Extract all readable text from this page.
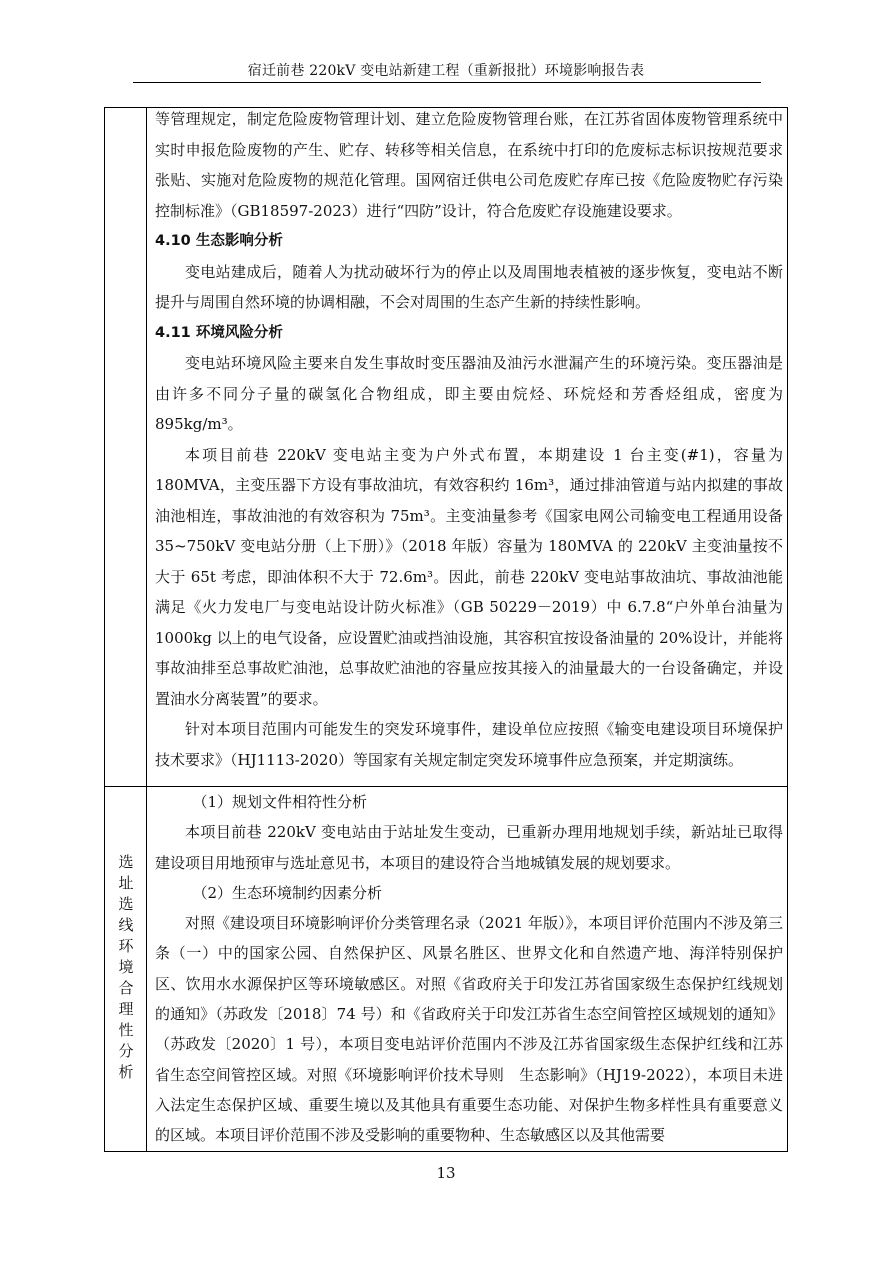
宿迁前巷 220kV 变电站新建工程（重新报批）环境影响报告表

等管理规定，制定危险废物管理计划、建立危险废物管理台账，在江苏省固体废物管理系统中实时申报危险废物的产生、贮存、转移等相关信息，在系统中打印的危废标志标识按规范要求张贴、实施对危险废物的规范化管理。国网宿迁供电公司危废贮存库已按《危险废物贮存污染控制标准》（GB18597-2023）进行“四防”设计，符合危废贮存设施建设要求。

4.10 生态影响分析

变电站建成后，随着人为扰动破坏行为的停止以及周围地表植被的逐步恢复，变电站不断提升与周围自然环境的协调相融，不会对周围的生态产生新的持续性影响。

4.11 环境风险分析

变电站环境风险主要来自发生事故时变压器油及油污水泄漏产生的环境污染。变压器油是由许多不同分子量的碳氢化合物组成，即主要由烷烃、环烷烃和芳香烃组成，密度为895kg/m³。

本项目前巷 220kV 变电站主变为户外式布置，本期建设 1 台主变(#1)，容量为 180MVA，主变压器下方设有事故油坑，有效容积约 16m³，通过排油管道与站内拟建的事故油池相连，事故油池的有效容积为 75m³。主变油量参考《国家电网公司输变电工程通用设备 35~750kV 变电站分册（上下册）》（2018 年版）容量为 180MVA 的 220kV 主变油量按不大于 65t 考虑，即油体积不大于 72.6m³。因此，前巷 220kV 变电站事故油坑、事故油池能满足《火力发电厂与变电站设计防火标准》（GB 50229－2019）中 6.7.8“户外单台油量为 1000kg 以上的电气设备，应设置贮油或挡油设施，其容积宜按设备油量的 20%设计，并能将事故油排至总事故贮油池，总事故贮油池的容量应按其接入的油量最大的一台设备确定，并设置油水分离装置”的要求。

针对本项目范围内可能发生的突发环境事件，建设单位应按照《输变电建设项目环境保护技术要求》（HJ1113-2020）等国家有关规定制定突发环境事件应急预案，并定期演练。

选址选线环境合理性分析

（1）规划文件相符性分析

本项目前巷 220kV 变电站由于站址发生变动，已重新办理用地规划手续，新站址已取得建设项目用地预审与选址意见书，本项目的建设符合当地城镇发展的规划要求。

（2）生态环境制约因素分析

对照《建设项目环境影响评价分类管理名录（2021 年版）》，本项目评价范围内不涉及第三条（一）中的国家公园、自然保护区、风景名胜区、世界文化和自然遗产地、海洋特别保护区、饮用水水源保护区等环境敏感区。对照《省政府关于印发江苏省国家级生态保护红线规划的通知》（苏政发〔2018〕74 号）和《省政府关于印发江苏省生态空间管控区域规划的通知》（苏政发〔2020〕1 号），本项目变电站评价范围内不涉及江苏省国家级生态保护红线和江苏省生态空间管控区域。对照《环境影响评价技术导则　生态影响》（HJ19-2022），本项目未进入法定生态保护区域、重要生境以及其他具有重要生态功能、对保护生物多样性具有重要意义的区域。本项目评价范围不涉及受影响的重要物种、生态敏感区以及其他需要

13
